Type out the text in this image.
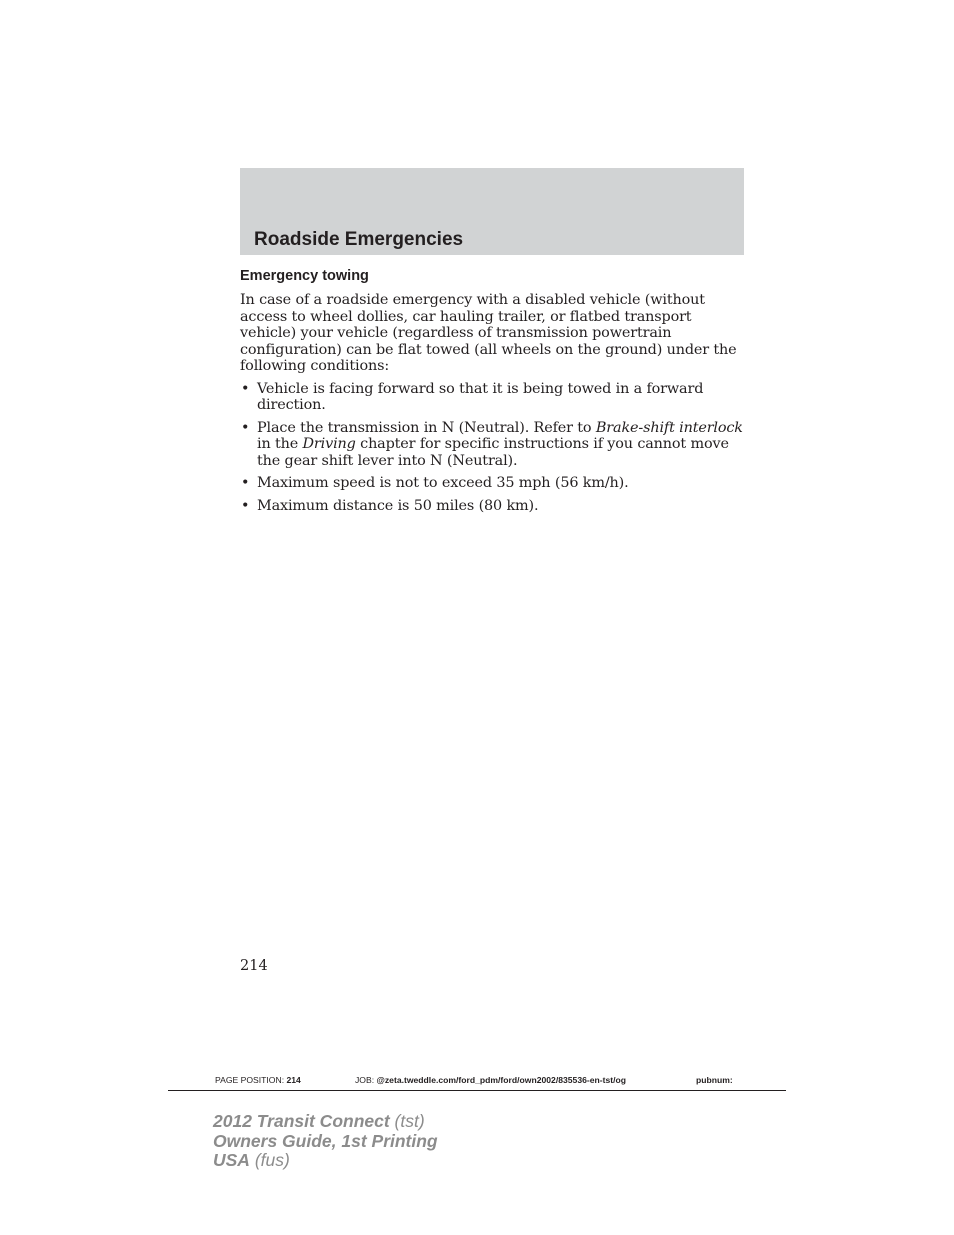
Roadside Emergencies
Emergency towing

In case of a roadside emergency with a disabled vehicle (without access to wheel dollies, car hauling trailer, or flatbed transport vehicle) your vehicle (regardless of transmission powertrain configuration) can be flat towed (all wheels on the ground) under the following conditions:

• Vehicle is facing forward so that it is being towed in a forward direction.
• Place the transmission in N (Neutral). Refer to Brake-shift interlock in the Driving chapter for specific instructions if you cannot move the gear shift lever into N (Neutral).
• Maximum speed is not to exceed 35 mph (56 km/h).
• Maximum distance is 50 miles (80 km).
214
PAGE POSITION: 214	JOB: @zeta.tweddle.com/ford_pdm/ford/own2002/835536-en-tst/og	pubnum:
2012 Transit Connect (tst)
Owners Guide, 1st Printing
USA (fus)
